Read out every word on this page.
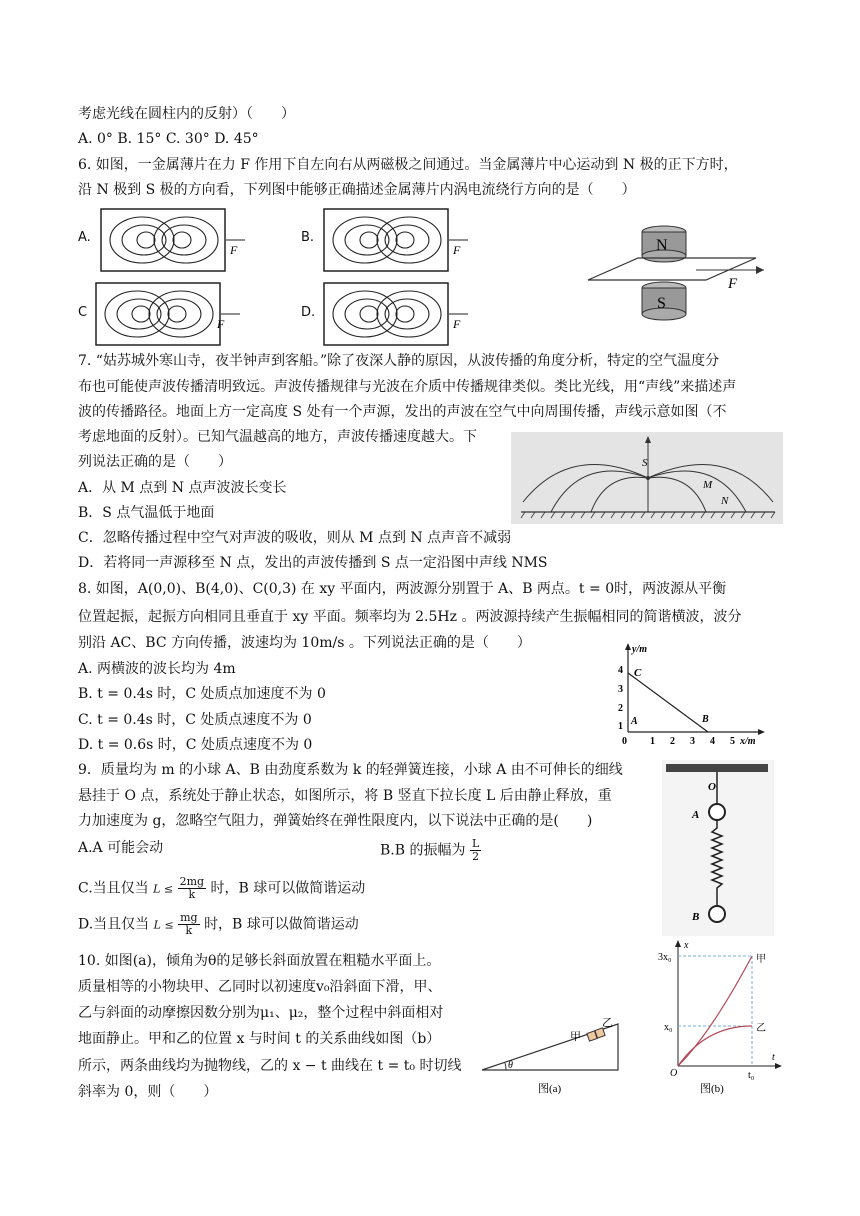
考虑光线在圆柱内的反射）（　　）
A. 0° B. 15° C. 30° D. 45°
6. 如图，一金属薄片在力 F 作用下自左向右从两磁极之间通过。当金属薄片中心运动到 N 极的正下方时，
沿 N 极到 S 极的方向看，下列图中能够正确描述金属薄片内涡电流绕行方向的是（　　）
A.	B.
C	D.
F	F
F	F
N
F
S
7. “姑苏城外寒山寺，夜半钟声到客船。”除了夜深人静的原因，从波传播的角度分析，特定的空气温度分
布也可能使声波传播清明致远。声波传播规律与光波在介质中传播规律类似。类比光线，用“声线”来描述声
波的传播路径。地面上方一定高度 S 处有一个声源，发出的声波在空气中向周围传播，声线示意如图（不
考虑地面的反射）。已知气温越高的地方，声波传播速度越大。下
列说法正确的是（　　）
A．从 M 点到 N 点声波波长变长
B．S 点气温低于地面
C．忽略传播过程中空气对声波的吸收，则从 M 点到 N 点声音不减弱
D．若将同一声源移至 N 点，发出的声波传播到 S 点一定沿图中声线 NMS
S
M
N
8. 如图，A(0,0)、B(4,0)、C(0,3) 在 xy 平面内，两波源分别置于 A、B 两点。t = 0时，两波源从平衡
位置起振，起振方向相同且垂直于 xy 平面。频率均为 2.5Hz 。两波源持续产生振幅相同的简谐横波，波分
别沿 AC、BC 方向传播，波速均为 10m/s 。下列说法正确的是（　　）
A. 两横波的波长均为 4m
B. t = 0.4s 时，C 处质点加速度不为 0
C. t = 0.4s 时，C 处质点速度不为 0
D. t = 0.6s 时，C 处质点速度不为 0
y/m
x/m
4
3
2
1
0 1 2 3 4 5
C
A	B
9．质量均为 m 的小球 A、B 由劲度系数为 k 的轻弹簧连接，小球 A 由不可伸长的细线
悬挂于 O 点，系统处于静止状态，如图所示，将 B 竖直下拉长度 L 后由静止释放，重
力加速度为 g，忽略空气阻力，弹簧始终在弹性限度内，以下说法中正确的是(　　)
A.A 可能会动	B.B 的振幅为 $\frac{L}{2}$
C.当且仅当 $L \le \frac{2mg}{k}$ 时，B 球可以做简谐运动
D.当且仅当 $L \le \frac{mg}{k}$ 时，B 球可以做简谐运动
O
A
B
10. 如图(a)，倾角为θ的足够长斜面放置在粗糙水平面上。
质量相等的小物块甲、乙同时以初速度v₀沿斜面下滑，甲、
乙与斜面的动摩擦因数分别为μ₁、μ₂，整个过程中斜面相对
地面静止。甲和乙的位置 x 与时间 t 的关系曲线如图（b）
所示，两条曲线均为抛物线，乙的 x − t 曲线在 t = t₀ 时切线
斜率为 0，则（　　）
θ
甲
乙
图(a)
x
t
O
3x₀
x₀
t₀
甲
乙
图(b)
